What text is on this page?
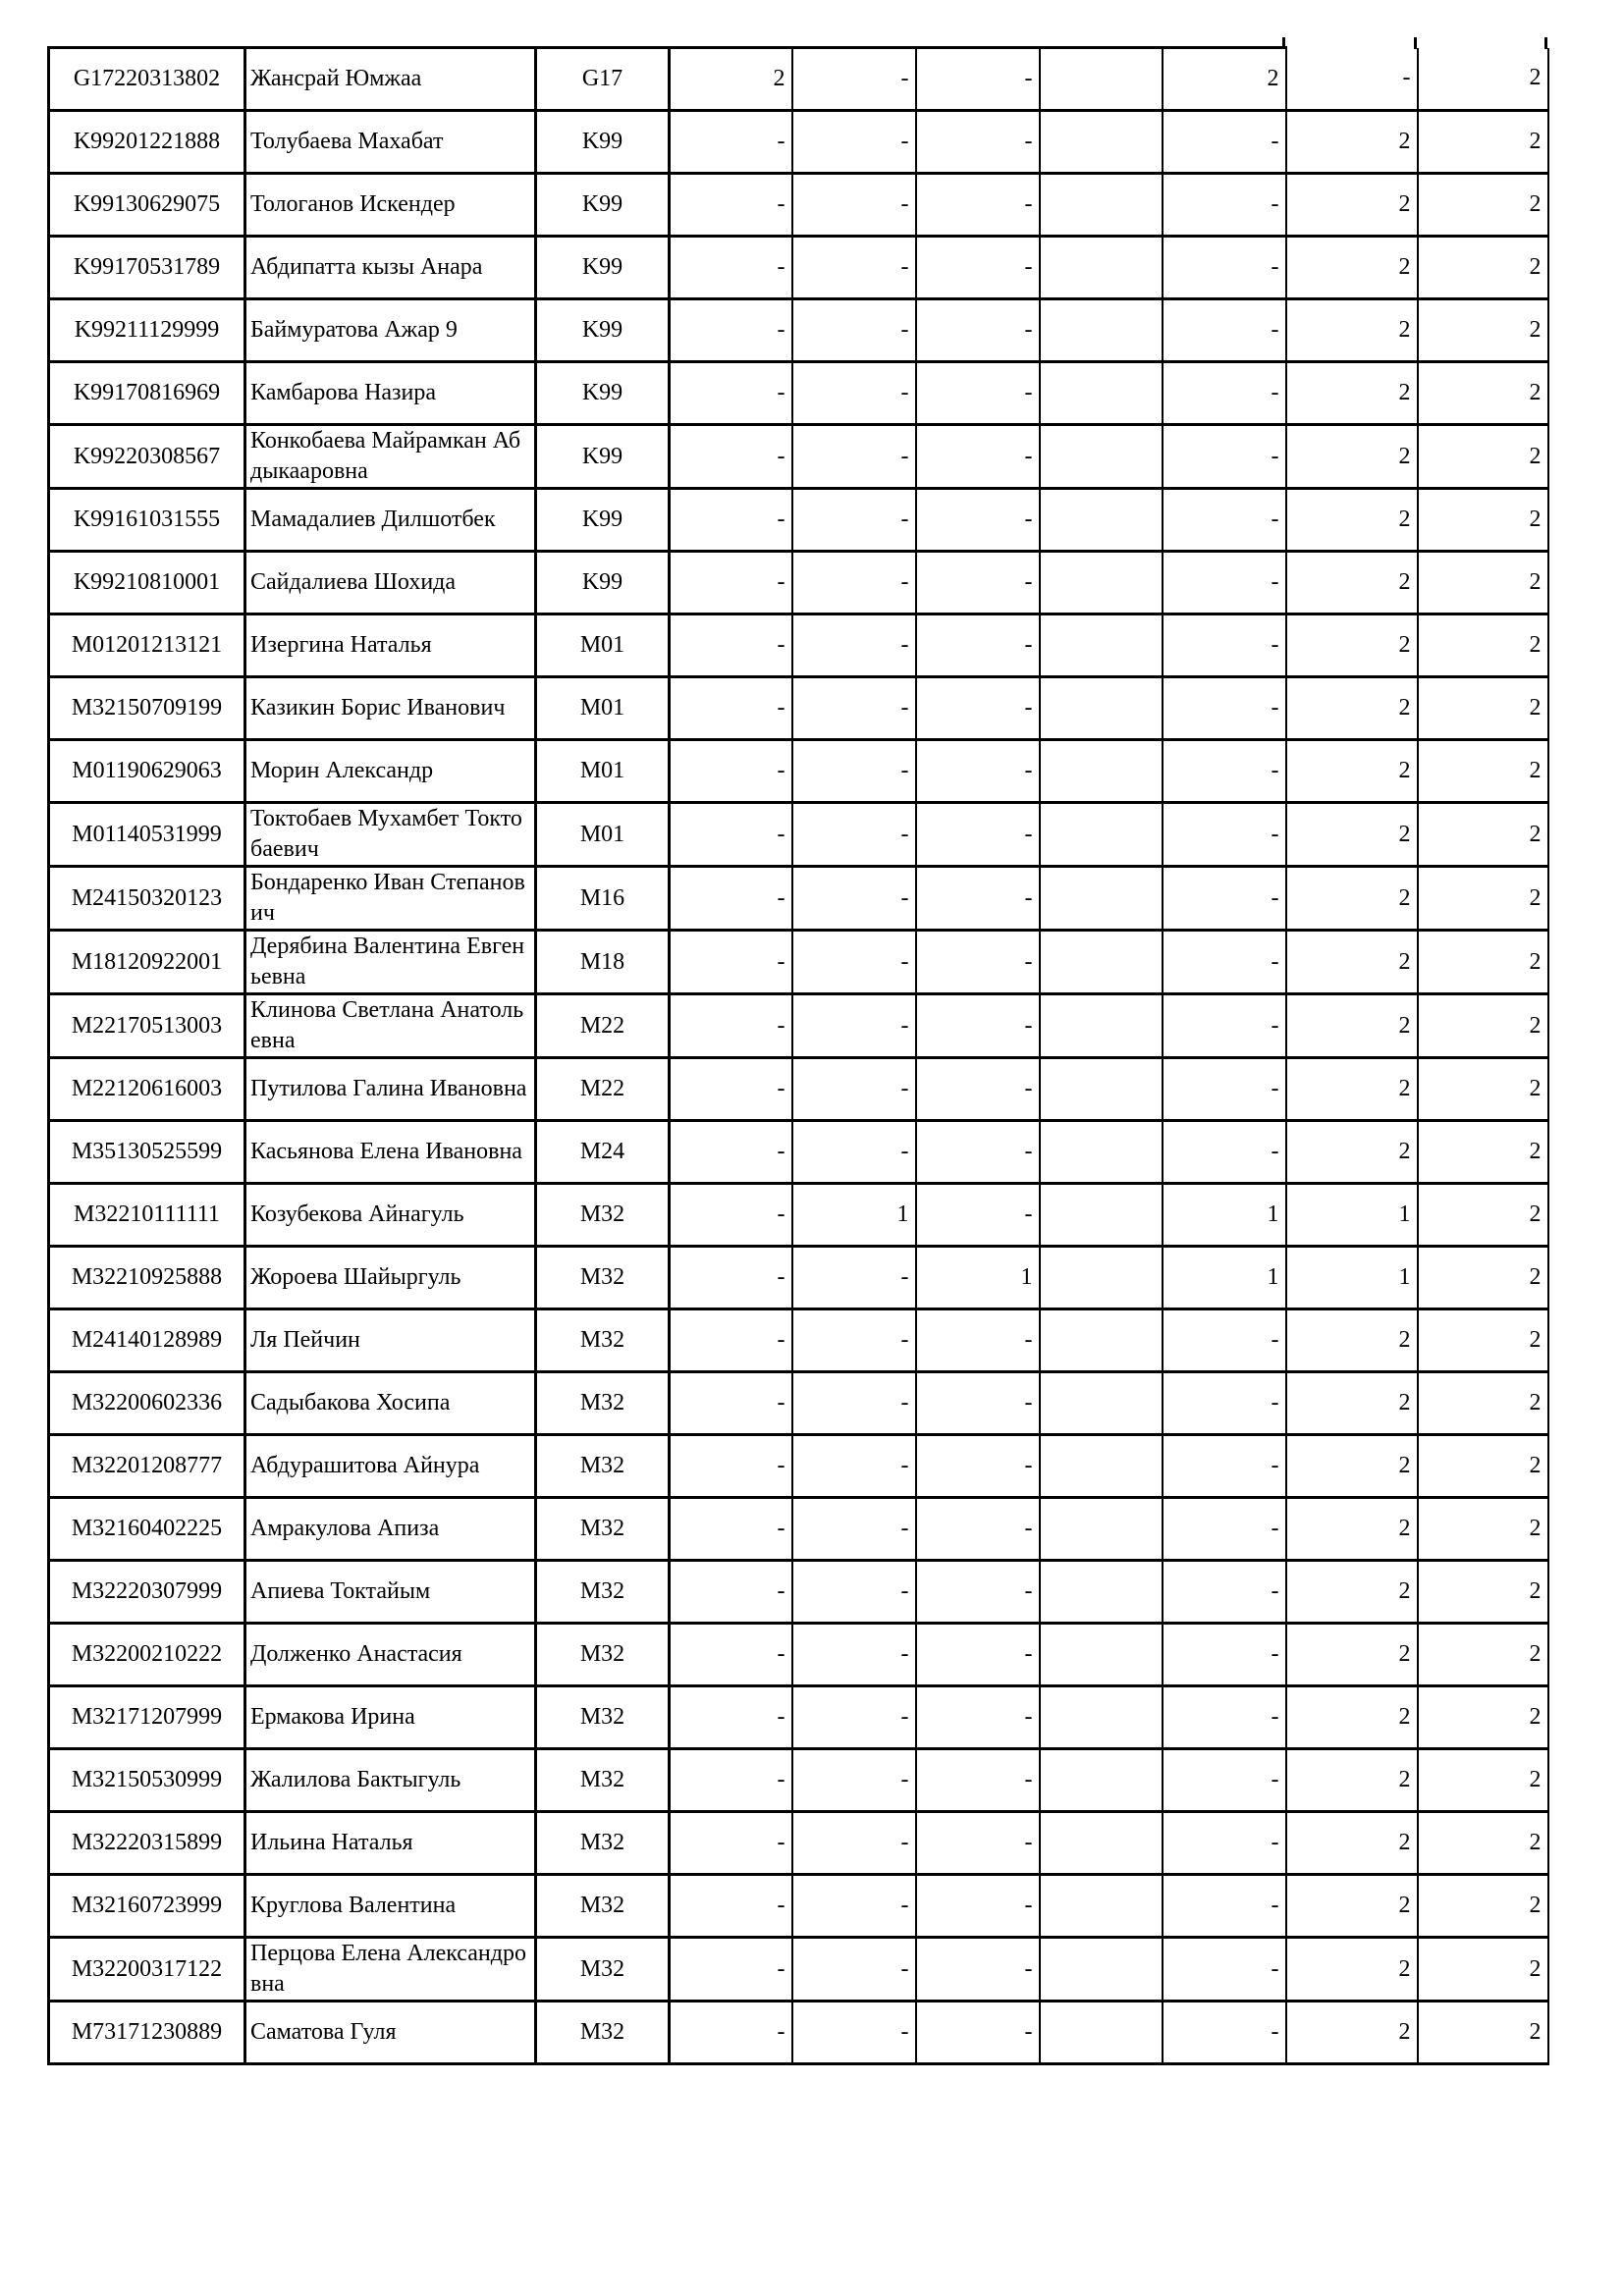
G17220313802	Жансрай Юмжаа	G17	2	-	-		2	-	2
K99201221888	Толубаева Махабат	K99	-	-	-		-	2	2
K99130629075	Тологанов Искендер	K99	-	-	-		-	2	2
K99170531789	Абдипатта кызы Анара	K99	-	-	-		-	2	2
K99211129999	Баймуратова Ажар 9	K99	-	-	-		-	2	2
K99170816969	Камбарова Назира	K99	-	-	-		-	2	2
K99220308567	Конкобаева Майрамкан Абдыкааровна	K99	-	-	-		-	2	2
K99161031555	Мамадалиев Дилшотбек	K99	-	-	-		-	2	2
K99210810001	Сайдалиева Шохида	K99	-	-	-		-	2	2
M01201213121	Изергина Наталья	M01	-	-	-		-	2	2
M32150709199	Казикин Борис Иванович	M01	-	-	-		-	2	2
M01190629063	Морин Александр	M01	-	-	-		-	2	2
M01140531999	Токтобаев Мухамбет Токтобаевич	M01	-	-	-		-	2	2
M24150320123	Бондаренко Иван Степанович	M16	-	-	-		-	2	2
M18120922001	Дерябина Валентина Евгеньевна	M18	-	-	-		-	2	2
M22170513003	Клинова Светлана Анатольевна	M22	-	-	-		-	2	2
M22120616003	Путилова Галина Ивановна	M22	-	-	-		-	2	2
M35130525599	Касьянова Елена Ивановна	M24	-	-	-		-	2	2
M32210111111	Козубекова Айнагуль	M32	-	1	-		1	1	2
M32210925888	Жороева Шайыргуль	M32	-	-	1		1	1	2
M24140128989	Ля Пейчин	M32	-	-	-		-	2	2
M32200602336	Садыбакова Хосипа	M32	-	-	-		-	2	2
M32201208777	Абдурашитова Айнура	M32	-	-	-		-	2	2
M32160402225	Амракулова Апиза	M32	-	-	-		-	2	2
M32220307999	Апиева Токтайым	M32	-	-	-		-	2	2
M32200210222	Долженко Анастасия	M32	-	-	-		-	2	2
M32171207999	Ермакова Ирина	M32	-	-	-		-	2	2
M32150530999	Жалилова Бактыгуль	M32	-	-	-		-	2	2
M32220315899	Ильина Наталья	M32	-	-	-		-	2	2
M32160723999	Круглова Валентина	M32	-	-	-		-	2	2
M32200317122	Перцова Елена Александровна	M32	-	-	-		-	2	2
M73171230889	Саматова Гуля	M32	-	-	-		-	2	2
